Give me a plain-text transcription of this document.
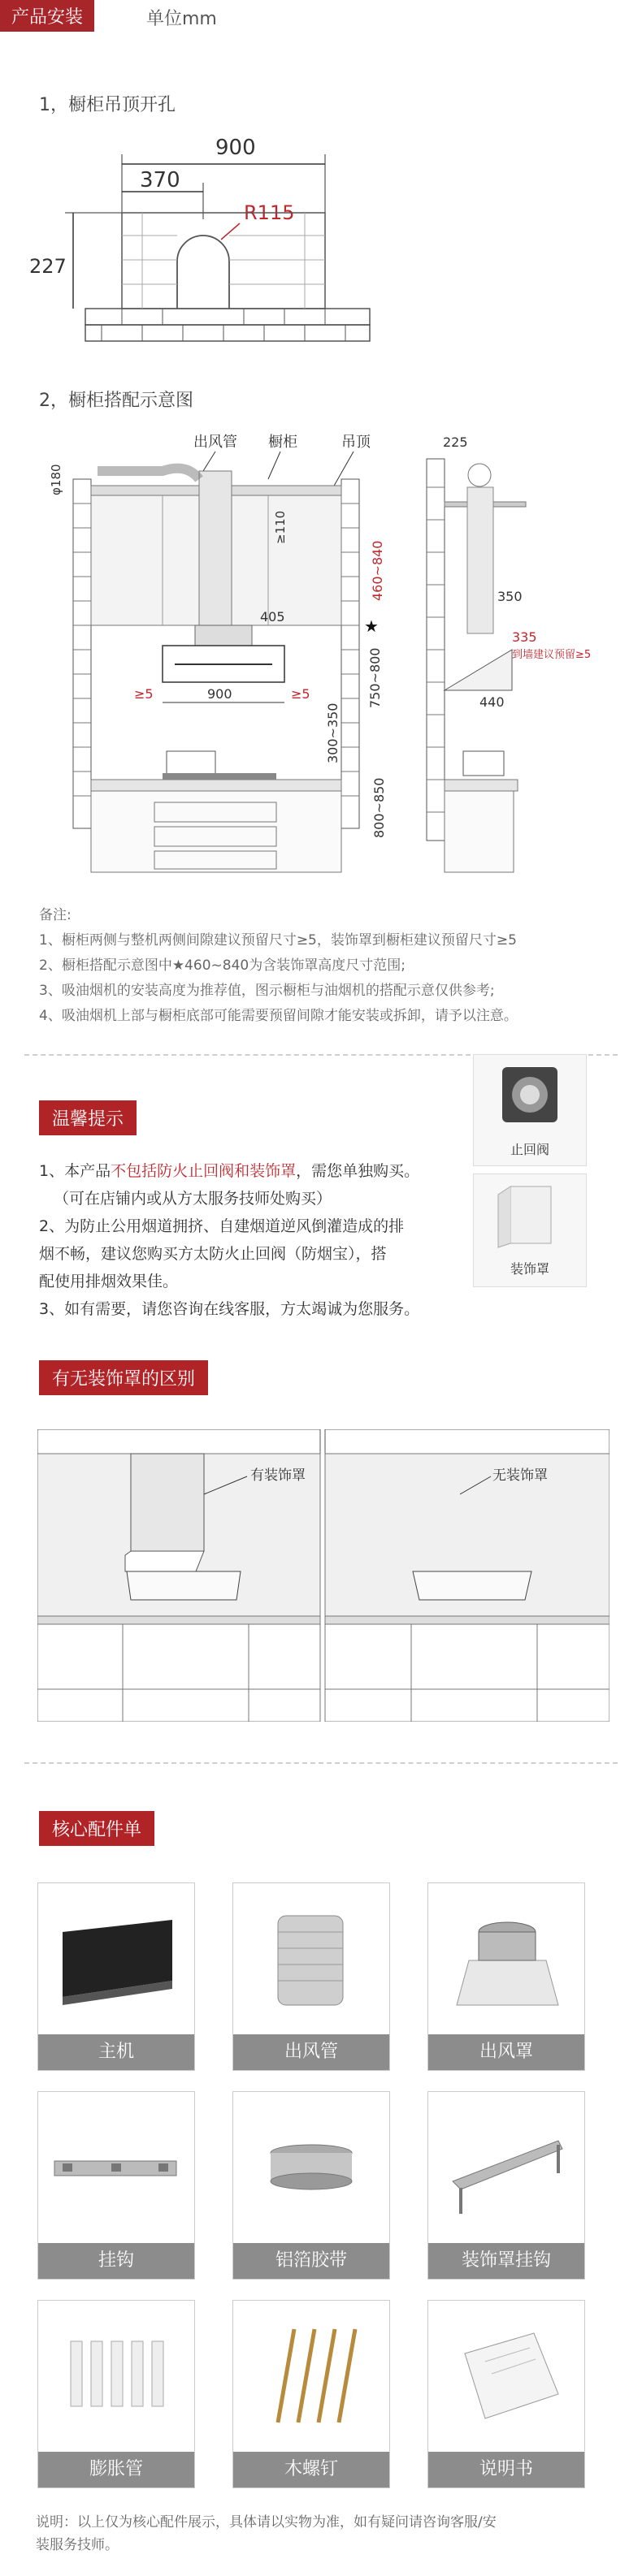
产品安装	单位mm
1，橱柜吊顶开孔
900
370
R115
227
2，橱柜搭配示意图
出风管 橱柜	吊顶
φ180
≥110
405
460~840
★
≥5	900	≥5	750~800
300~350
800~850
225
350
335
到墙建议预留≥5
440
备注:
1、橱柜两侧与整机两侧间隙建议预留尺寸≥5，装饰罩到橱柜建议预留尺寸≥5
2、橱柜搭配示意图中★460~840为含装饰罩高度尺寸范围;
3、吸油烟机的安装高度为推荐值，图示橱柜与油烟机的搭配示意仅供参考;
4、吸油烟机上部与橱柜底部可能需要预留间隙才能安装或拆卸，请予以注意。
温馨提示
1、本产品不包括防火止回阀和装饰罩，需您单独购买。
（可在店铺内或从方太服务技师处购买）
2、为防止公用烟道拥挤、自建烟道逆风倒灌造成的排
烟不畅，建议您购买方太防火止回阀（防烟宝），搭
配使用排烟效果佳。
3、如有需要，请您咨询在线客服，方太竭诚为您服务。
止回阀
装饰罩
有无装饰罩的区别
有装饰罩	无装饰罩
核心配件单
主机	出风管	出风罩
挂钩	铝箔胶带	装饰罩挂钩
膨胀管	木螺钉	说明书
说明：以上仅为核心配件展示，具体请以实物为准，如有疑问请咨询客服/安
装服务技师。
